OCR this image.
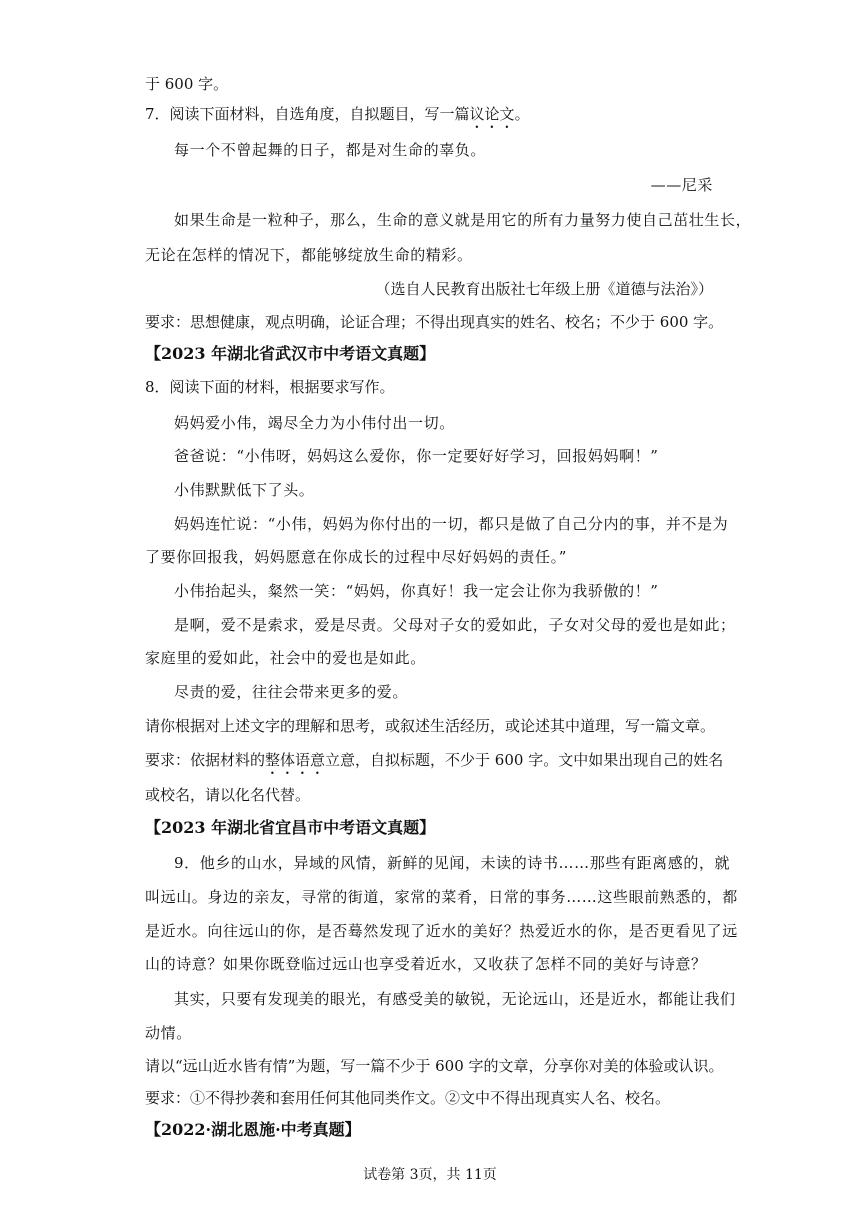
于 600 字。
7．阅读下面材料，自选角度，自拟题目，写一篇议论文。
每一个不曾起舞的日子，都是对生命的辜负。
——尼采
如果生命是一粒种子，那么，生命的意义就是用它的所有力量努力使自己茁壮生长，
无论在怎样的情况下，都能够绽放生命的精彩。
（选自人民教育出版社七年级上册《道德与法治》）
要求：思想健康，观点明确，论证合理；不得出现真实的姓名、校名；不少于 600 字。
【2023 年湖北省武汉市中考语文真题】
8．阅读下面的材料，根据要求写作。
妈妈爱小伟，竭尽全力为小伟付出一切。
爸爸说：“小伟呀，妈妈这么爱你，你一定要好好学习，回报妈妈啊！”
小伟默默低下了头。
妈妈连忙说：“小伟，妈妈为你付出的一切，都只是做了自己分内的事，并不是为
了要你回报我，妈妈愿意在你成长的过程中尽好妈妈的责任。”
小伟抬起头，粲然一笑：“妈妈，你真好！我一定会让你为我骄傲的！”
是啊，爱不是索求，爱是尽责。父母对子女的爱如此，子女对父母的爱也是如此；
家庭里的爱如此，社会中的爱也是如此。
尽责的爱，往往会带来更多的爱。
请你根据对上述文字的理解和思考，或叙述生活经历，或论述其中道理，写一篇文章。
要求：依据材料的整体语意立意，自拟标题，不少于 600 字。文中如果出现自己的姓名
或校名，请以化名代替。
【2023 年湖北省宜昌市中考语文真题】
9．他乡的山水，异域的风情，新鲜的见闻，未读的诗书……那些有距离感的，就
叫远山。身边的亲友，寻常的街道，家常的菜肴，日常的事务……这些眼前熟悉的，都
是近水。向往远山的你，是否蓦然发现了近水的美好？热爱近水的你，是否更看见了远
山的诗意？如果你既登临过远山也享受着近水，又收获了怎样不同的美好与诗意？
其实，只要有发现美的眼光，有感受美的敏锐，无论远山，还是近水，都能让我们
动情。
请以“远山近水皆有情”为题，写一篇不少于 600 字的文章，分享你对美的体验或认识。
要求：①不得抄袭和套用任何其他同类作文。②文中不得出现真实人名、校名。
【2022·湖北恩施·中考真题】
试卷第 3页，共 11页
